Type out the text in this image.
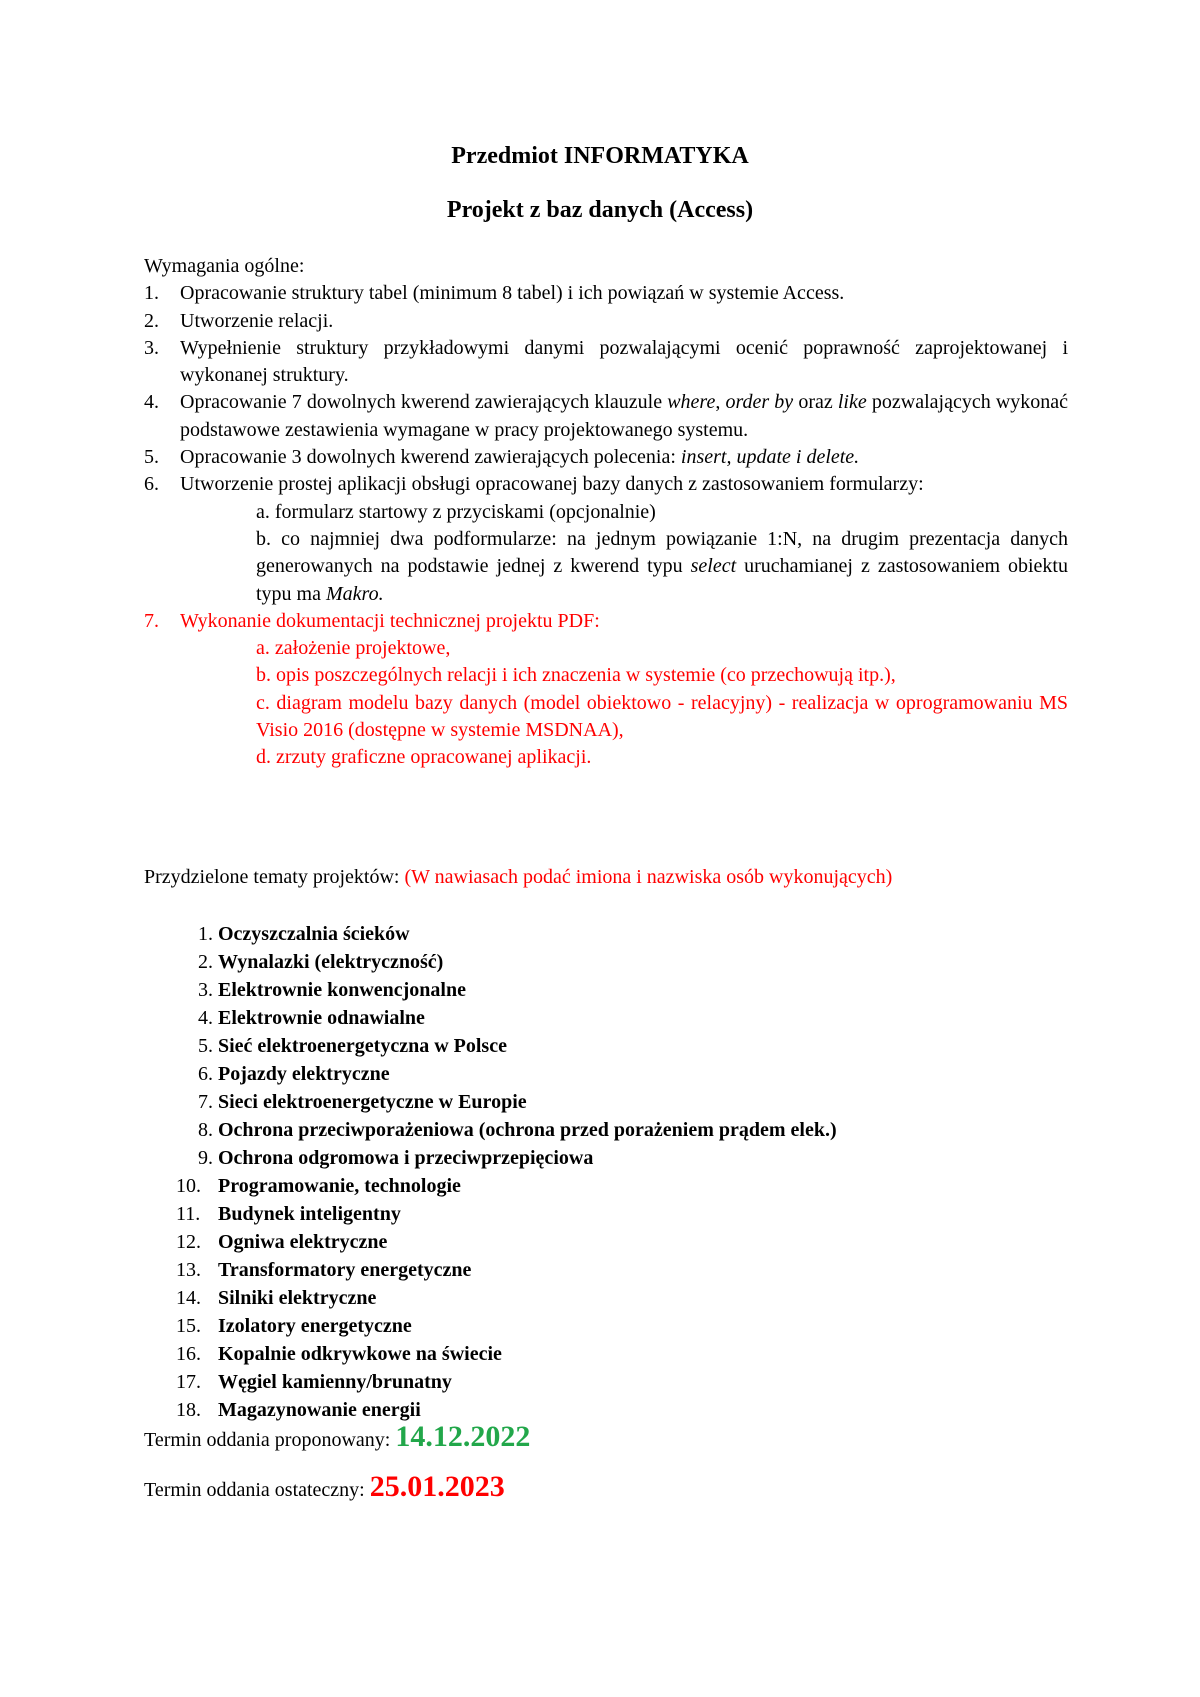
Przedmiot INFORMATYKA
Projekt z baz danych (Access)

Wymagania ogólne:

1. Opracowanie struktury tabel (minimum 8 tabel) i ich powiązań w systemie Access.
2. Utworzenie relacji.
3. Wypełnienie struktury przykładowymi danymi pozwalającymi ocenić poprawność zaprojektowanej i wykonanej struktury.
4. Opracowanie 7 dowolnych kwerend zawierających klauzule where, order by oraz like pozwalających wykonać podstawowe zestawienia wymagane w pracy projektowanego systemu.
5. Opracowanie 3 dowolnych kwerend zawierających polecenia: insert, update i delete.
6. Utworzenie prostej aplikacji obsługi opracowanej bazy danych z zastosowaniem formularzy:
a. formularz startowy z przyciskami (opcjonalnie)
b. co najmniej dwa podformularze: na jednym powiązanie 1:N, na drugim prezentacja danych generowanych na podstawie jednej z kwerend typu select uruchamianej z zastosowaniem obiektu typu ma Makro.
7. Wykonanie dokumentacji technicznej projektu PDF:
a. założenie projektowe,
b. opis poszczególnych relacji i ich znaczenia w systemie (co przechowują itp.),
c. diagram modelu bazy danych (model obiektowo - relacyjny) - realizacja w oprogramowaniu MS Visio 2016 (dostępne w systemie MSDNAA),
d. zrzuty graficzne opracowanej aplikacji.
Przydzielone tematy projektów: (W nawiasach podać imiona i nazwiska osób wykonujących)
1. Oczyszczalnia ścieków
2. Wynalazki (elektryczność)
3. Elektrownie konwencjonalne
4. Elektrownie odnawialne
5. Sieć elektroenergetyczna w Polsce
6. Pojazdy elektryczne
7. Sieci elektroenergetyczne w Europie
8. Ochrona przeciwporażeniowa (ochrona przed porażeniem prądem elek.)
9. Ochrona odgromowa i przeciwprzepięciowa
10. Programowanie, technologie
11. Budynek inteligentny
12. Ogniwa elektryczne
13. Transformatory energetyczne
14. Silniki elektryczne
15. Izolatory energetyczne
16. Kopalnie odkrywkowe na świecie
17. Węgiel kamienny/brunatny
18. Magazynowanie energii
Termin oddania proponowany: 14.12.2022
Termin oddania ostateczny: 25.01.2023
